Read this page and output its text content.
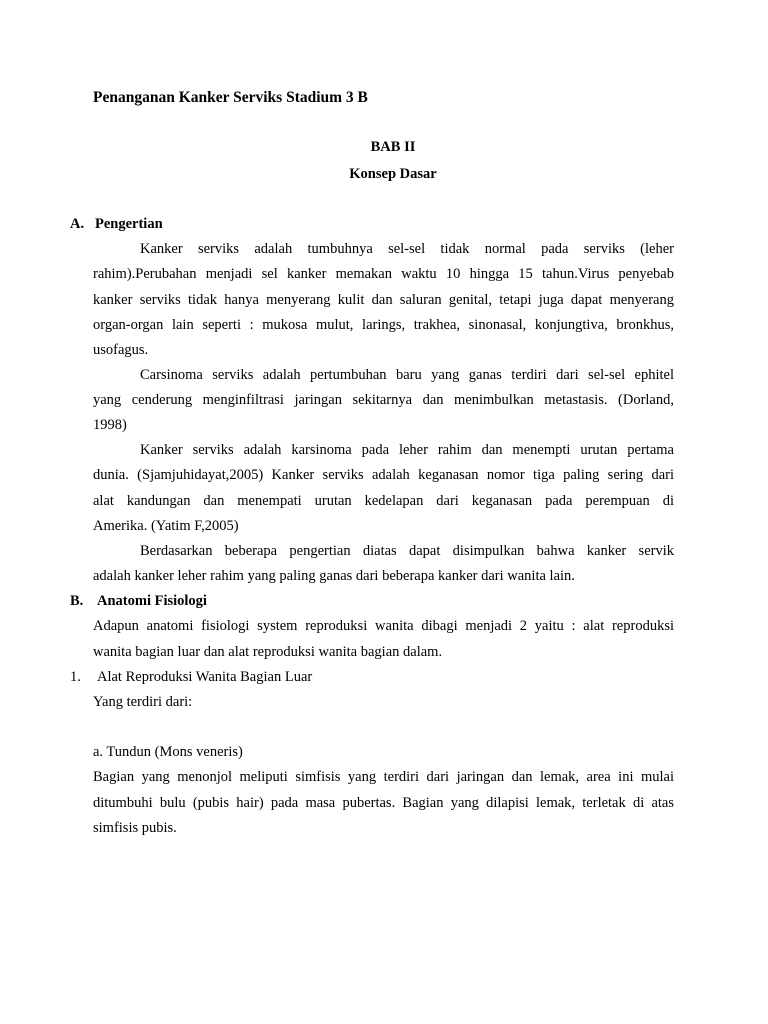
Penanganan Kanker Serviks Stadium 3 B
BAB II
Konsep Dasar
A. Pengertian
Kanker serviks adalah tumbuhnya sel-sel tidak normal pada serviks (leher
rahim).Perubahan menjadi sel kanker memakan waktu 10 hingga 15 tahun.Virus penyebab
kanker serviks tidak hanya menyerang kulit dan saluran genital, tetapi juga dapat menyerang
organ-organ lain seperti : mukosa mulut, larings, trakhea, sinonasal, konjungtiva, bronkhus,
usofagus.
Carsinoma serviks adalah pertumbuhan baru yang ganas terdiri dari sel-sel ephitel
yang cenderung menginfiltrasi jaringan sekitarnya dan menimbulkan metastasis. (Dorland,
1998)
Kanker serviks adalah karsinoma pada leher rahim dan menempti urutan pertama
dunia. (Sjamjuhidayat,2005) Kanker serviks adalah keganasan nomor tiga paling sering dari
alat kandungan dan menempati urutan kedelapan dari keganasan pada perempuan di
Amerika. (Yatim F,2005)
Berdasarkan beberapa pengertian diatas dapat disimpulkan bahwa kanker servik
adalah kanker leher rahim yang paling ganas dari beberapa kanker dari wanita lain.
B. Anatomi Fisiologi
Adapun anatomi fisiologi system reproduksi wanita dibagi menjadi 2 yaitu : alat reproduksi
wanita bagian luar dan alat reproduksi wanita bagian dalam.
1. Alat Reproduksi Wanita Bagian Luar
Yang terdiri dari:
a. Tundun (Mons veneris)
Bagian yang menonjol meliputi simfisis yang terdiri dari jaringan dan lemak, area ini mulai
ditumbuhi bulu (pubis hair) pada masa pubertas. Bagian yang dilapisi lemak, terletak di atas
simfisis pubis.
